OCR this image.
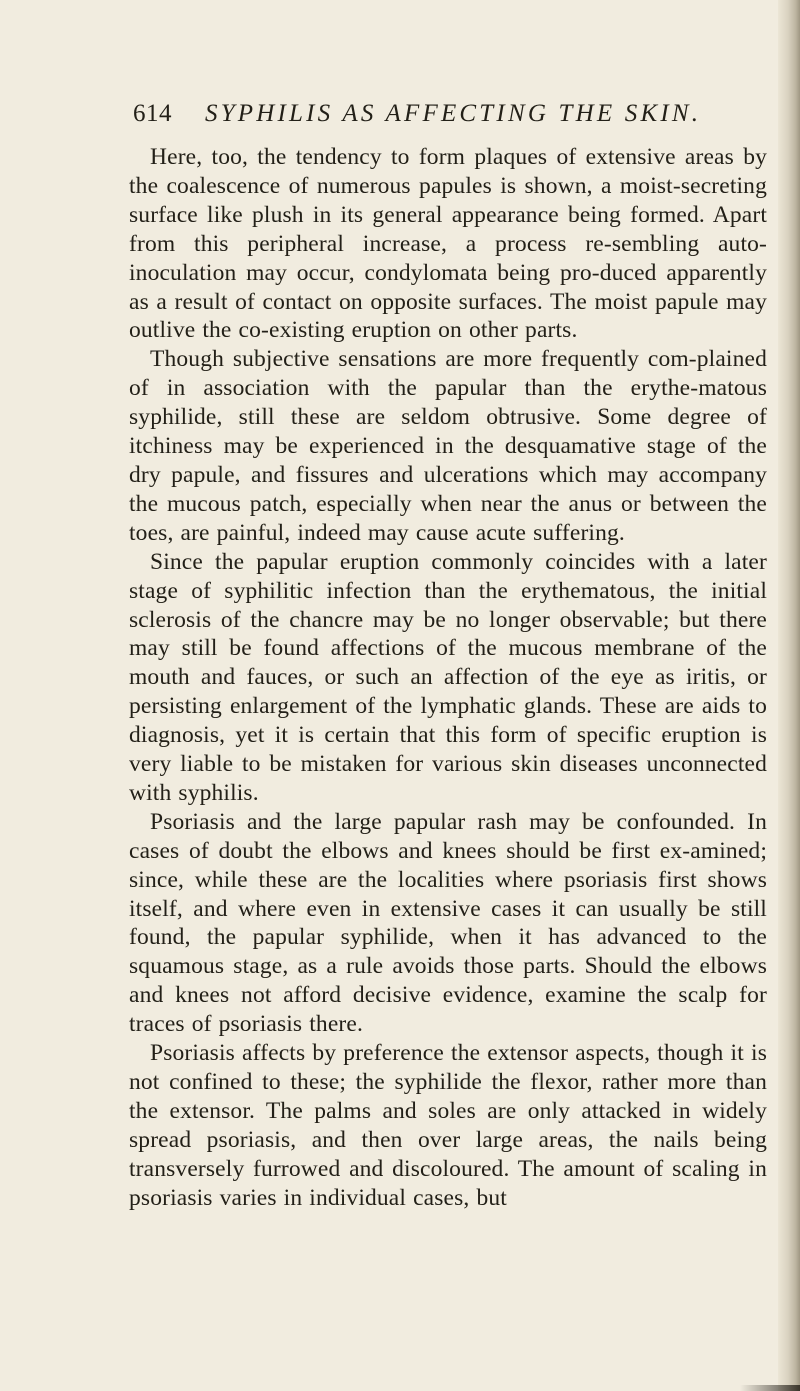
614 SYPHILIS AS AFFECTING THE SKIN.

Here, too, the tendency to form plaques of extensive areas by the coalescence of numerous papules is shown, a moist-secreting surface like plush in its general appearance being formed. Apart from this peripheral increase, a process re-sembling auto-inoculation may occur, condylomata being pro-duced apparently as a result of contact on opposite surfaces. The moist papule may outlive the co-existing eruption on other parts.

Though subjective sensations are more frequently com-plained of in association with the papular than the erythe-matous syphilide, still these are seldom obtrusive. Some degree of itchiness may be experienced in the desquamative stage of the dry papule, and fissures and ulcerations which may accompany the mucous patch, especially when near the anus or between the toes, are painful, indeed may cause acute suffering.

Since the papular eruption commonly coincides with a later stage of syphilitic infection than the erythematous, the initial sclerosis of the chancre may be no longer observable; but there may still be found affections of the mucous membrane of the mouth and fauces, or such an affection of the eye as iritis, or persisting enlargement of the lymphatic glands. These are aids to diagnosis, yet it is certain that this form of specific eruption is very liable to be mistaken for various skin diseases unconnected with syphilis.

Psoriasis and the large papular rash may be confounded. In cases of doubt the elbows and knees should be first ex-amined; since, while these are the localities where psoriasis first shows itself, and where even in extensive cases it can usually be still found, the papular syphilide, when it has advanced to the squamous stage, as a rule avoids those parts. Should the elbows and knees not afford decisive evidence, examine the scalp for traces of psoriasis there.

Psoriasis affects by preference the extensor aspects, though it is not confined to these; the syphilide the flexor, rather more than the extensor. The palms and soles are only attacked in widely spread psoriasis, and then over large areas, the nails being transversely furrowed and discoloured. The amount of scaling in psoriasis varies in individual cases, but
